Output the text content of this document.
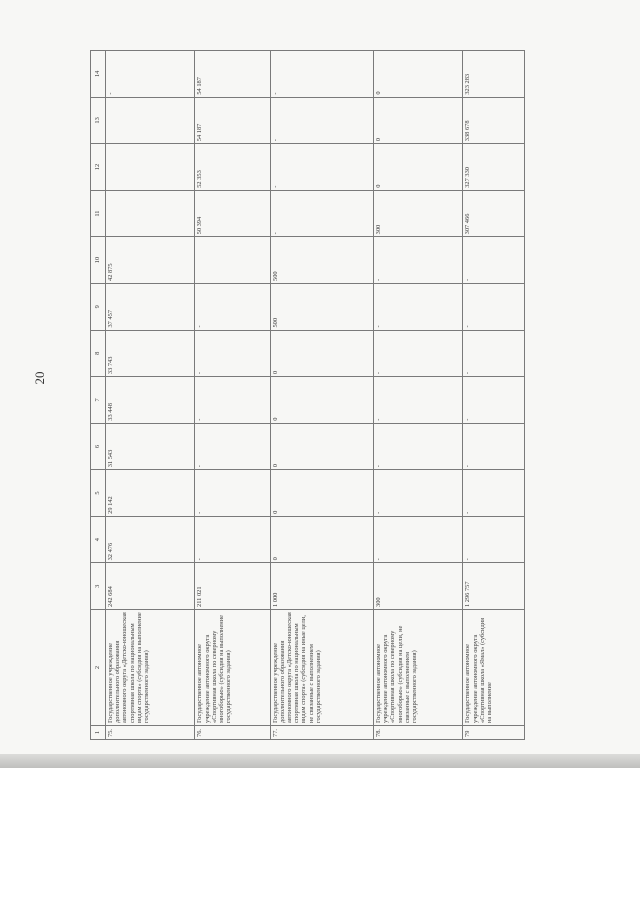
20
1	2	3	4	5	6	7	8	9	10	11	12	13	14
75.	Государственное учреждение дополнительного образования автономного округа «Детско-юношеская спортивная школа по национальным видам спорта» (субсидия на выполнение государственного задания)	242 684	32 476	29 142	31 543	33 448	33 743	37 457	42 875				-
76.	Государственное автономное учреждение автономного округа «Спортивная школа по северному многоборью» (субсидия на выполнение государственного задания)	211 021	-	-	-	-	-	-		50 394	52 353	54 187	54 187
77.	Государственное учреждение дополнительного образования автономного округа «Детско-юношеская спортивная школа по национальным видам спорта» (субсидия на иные цели, не связанные с выполнением государственного задания)	1 000	0	0	0	0	0	500	500	-	-	-	-
78.	Государственное автономное учреждение автономного округа «Спортивная школа по северному многоборью» (субсидия на цели, не связанные с выполнением государственного задания)	300	-	-	-	-	-	-	-	300	0	0	0
79	Государственное автономное учреждение автономного округа «Спортивная школа «Ямал» (субсидия на выполнение	1 296 757	-	-	-	-	-	-	-	307 466	327 330	338 678	323 283
